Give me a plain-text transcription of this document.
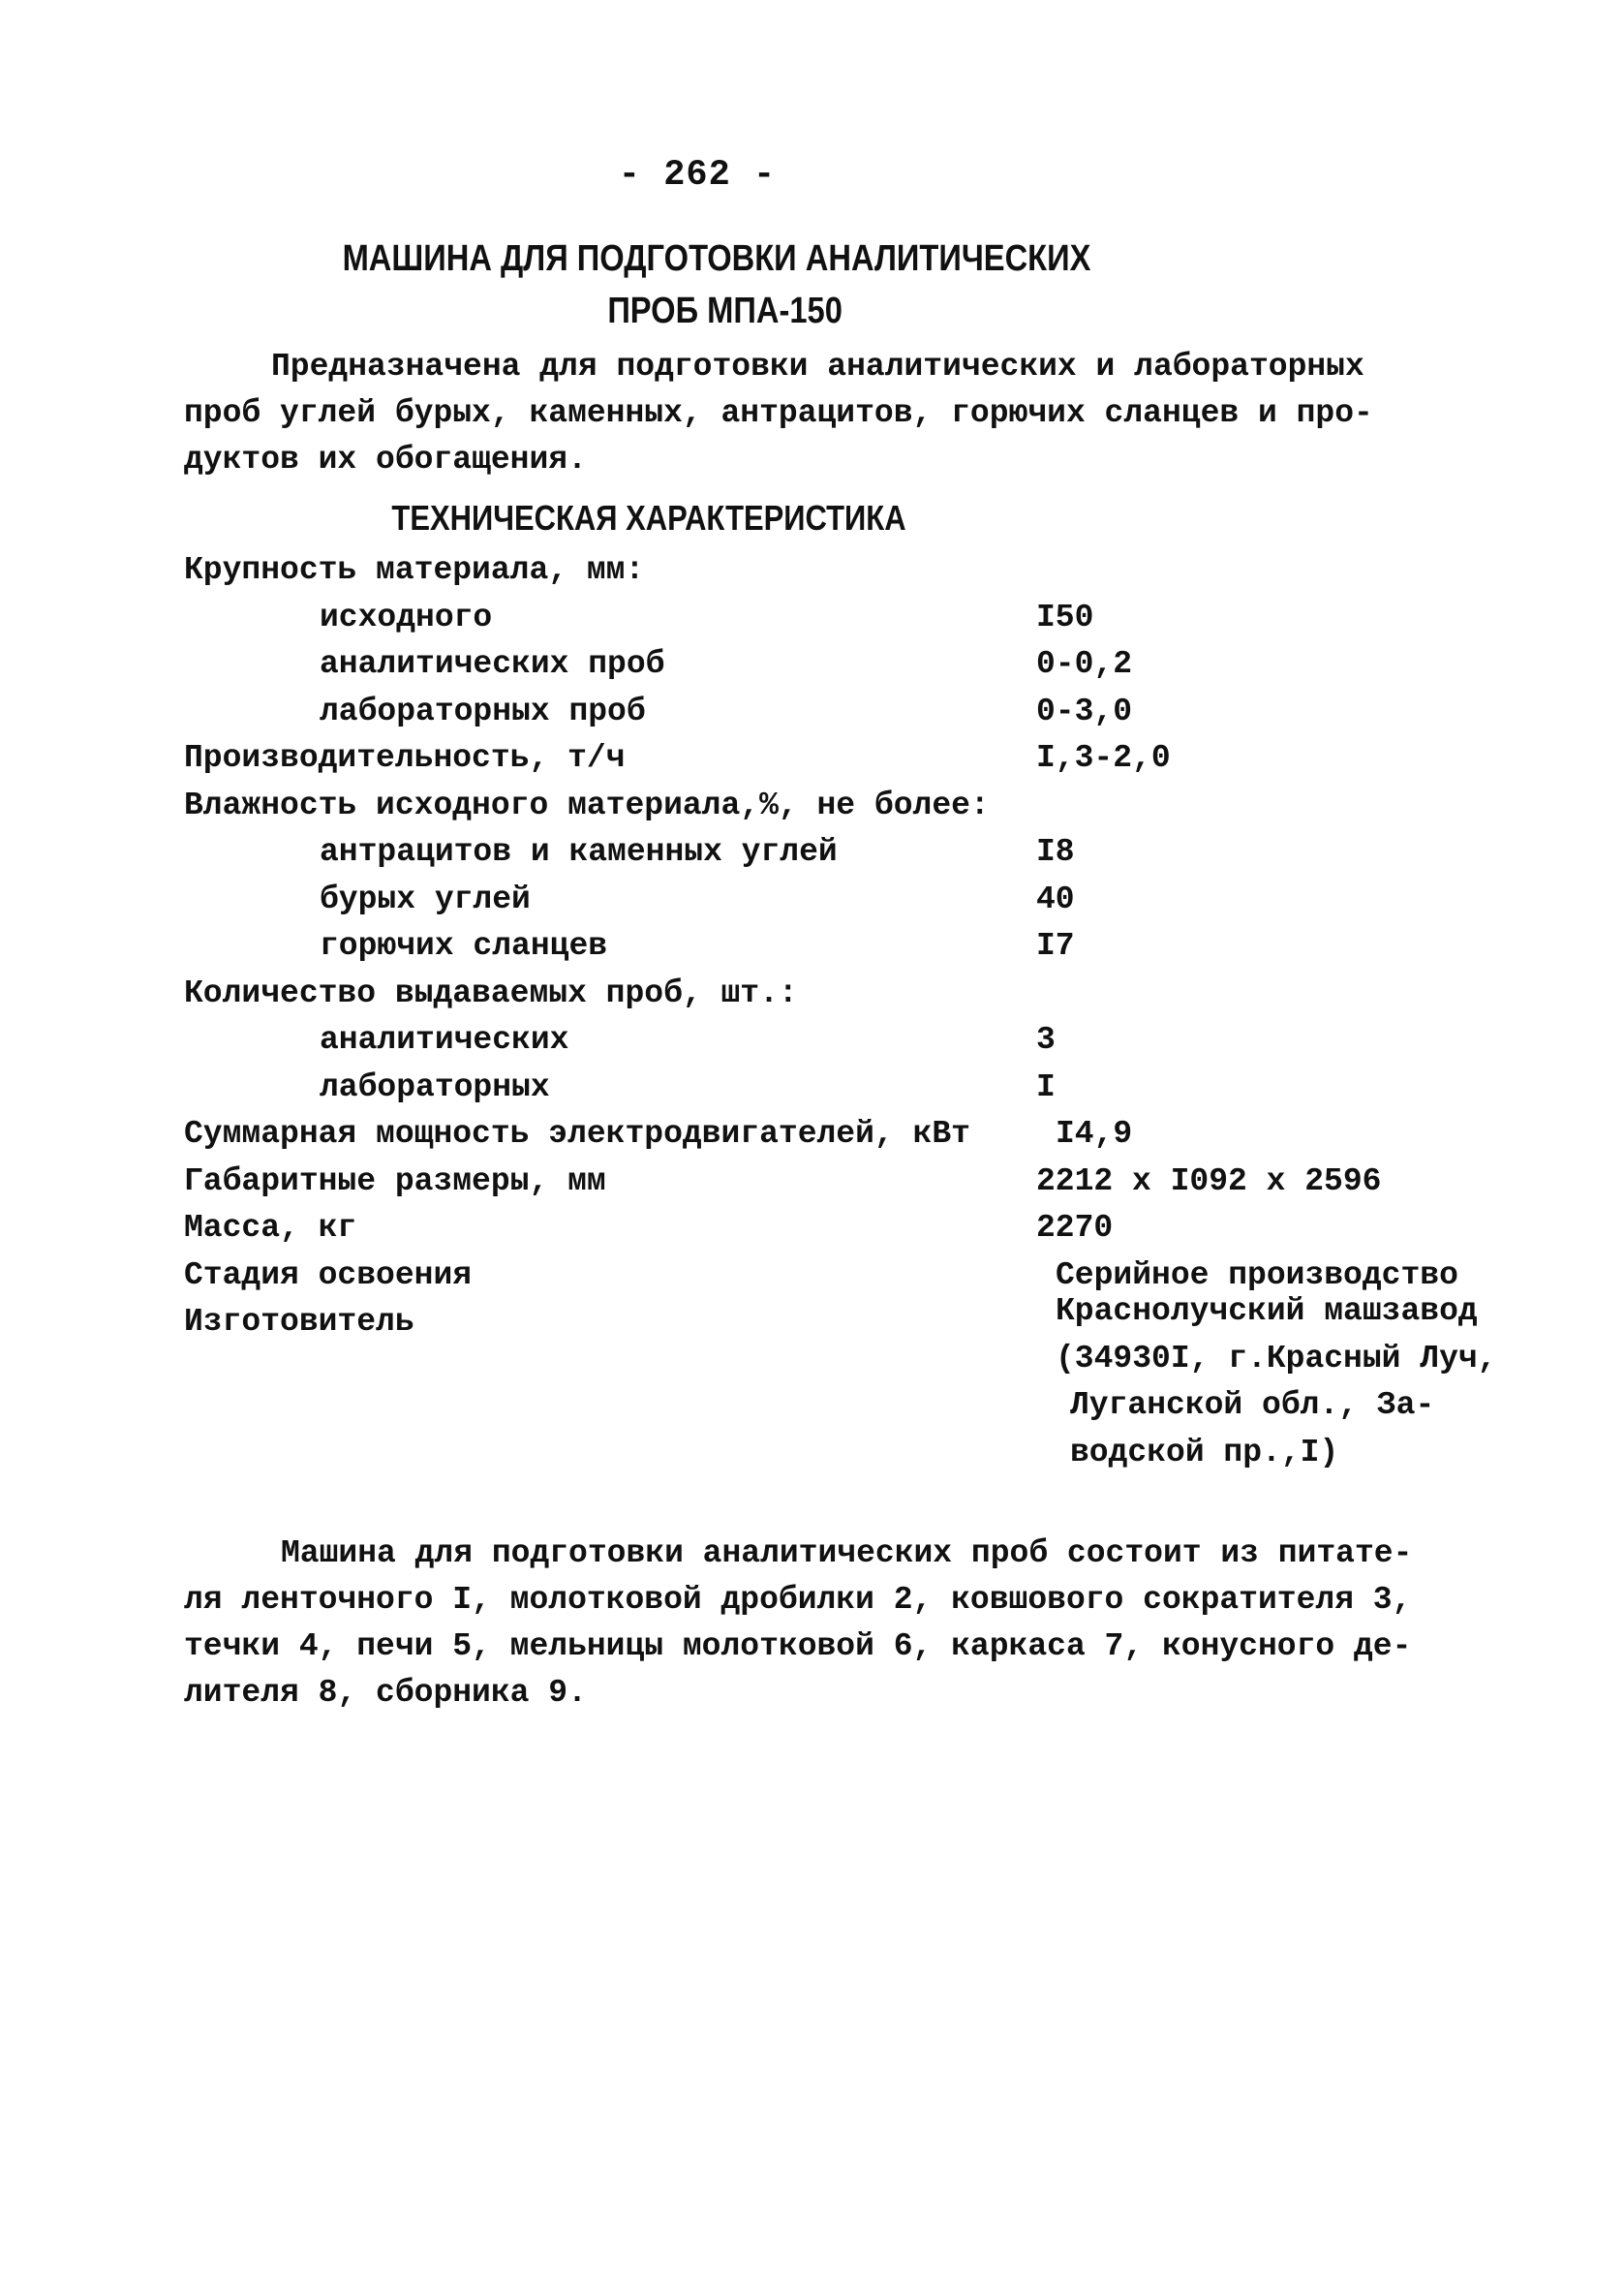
- 262 -
МАШИНА ДЛЯ ПОДГОТОВКИ АНАЛИТИЧЕСКИХ
ПРОБ МПА-150
Предназначена для подготовки аналитических и лабораторных
проб углей бурых, каменных, антрацитов, горючих сланцев и про-
дуктов их обогащения.
ТЕХНИЧЕСКАЯ ХАРАКТЕРИСТИКА
Крупность материала, мм:
исходного	I50
аналитических проб	0-0,2
лабораторных проб	0-3,0
Производительность, т/ч	I,3-2,0
Влажность исходного материала,%, не более:
антрацитов и каменных углей	I8
бурых углей	40
горючих сланцев	I7
Количество выдаваемых проб, шт.:
аналитических	3
лабораторных	I
Суммарная мощность электродвигателей, кВт	I4,9
Габаритные размеры, мм	2212 x I092 x 2596
Масса, кг	2270
Стадия освоения	Серийное производство
Изготовитель	Краснолучский машзавод
(34930I, г.Красный Луч,
Луганской обл., За-
водской пр.,I)
Машина для подготовки аналитических проб состоит из питате-
ля ленточного I, молотковой дробилки 2, ковшового сократителя 3,
течки 4, печи 5, мельницы молотковой 6, каркаса 7, конусного де-
лителя 8, сборника 9.
